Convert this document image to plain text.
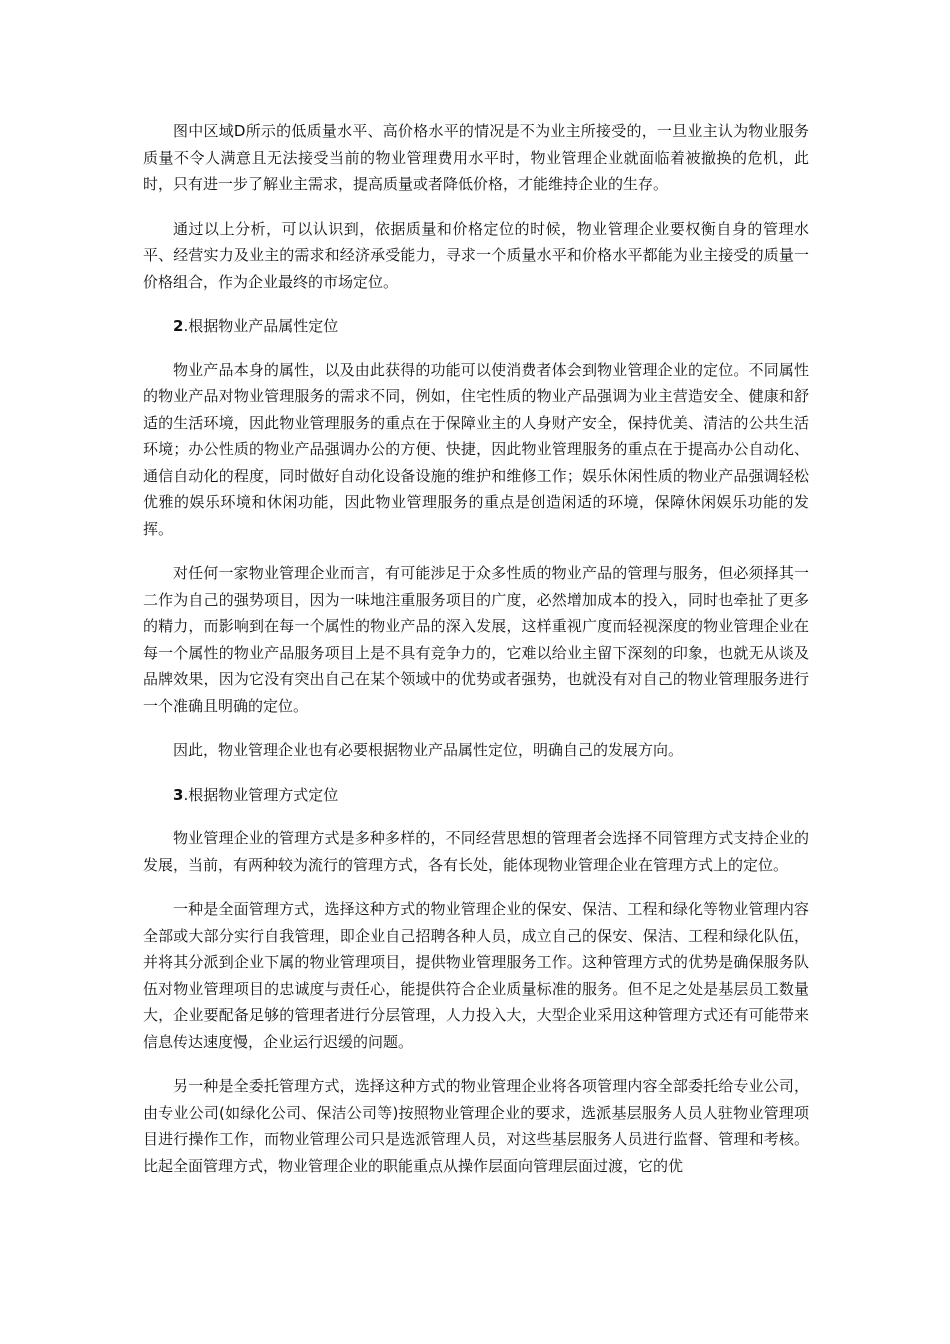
图中区域D所示的低质量水平、高价格水平的情况是不为业主所接受的，一旦业主认为物业服务质量不令人满意且无法接受当前的物业管理费用水平时，物业管理企业就面临着被撤换的危机，此时，只有进一步了解业主需求，提高质量或者降低价格，才能维持企业的生存。

通过以上分析，可以认识到，依据质量和价格定位的时候，物业管理企业要权衡自身的管理水平、经营实力及业主的需求和经济承受能力，寻求一个质量水平和价格水平都能为业主接受的质量一价格组合，作为企业最终的市场定位。

2.根据物业产品属性定位

物业产品本身的属性，以及由此获得的功能可以使消费者体会到物业管理企业的定位。不同属性的物业产品对物业管理服务的需求不同，例如，住宅性质的物业产品强调为业主营造安全、健康和舒适的生活环境，因此物业管理服务的重点在于保障业主的人身财产安全，保持优美、清洁的公共生活环境；办公性质的物业产品强调办公的方便、快捷，因此物业管理服务的重点在于提高办公自动化、通信自动化的程度，同时做好自动化设备设施的维护和维修工作；娱乐休闲性质的物业产品强调轻松优雅的娱乐环境和休闲功能，因此物业管理服务的重点是创造闲适的环境，保障休闲娱乐功能的发挥。

对任何一家物业管理企业而言，有可能涉足于众多性质的物业产品的管理与服务，但必须择其一二作为自己的强势项目，因为一味地注重服务项目的广度，必然增加成本的投入，同时也牵扯了更多的精力，而影响到在每一个属性的物业产品的深入发展，这样重视广度而轻视深度的物业管理企业在每一个属性的物业产品服务项目上是不具有竞争力的，它难以给业主留下深刻的印象，也就无从谈及品牌效果，因为它没有突出自己在某个领域中的优势或者强势，也就没有对自己的物业管理服务进行一个准确且明确的定位。

因此，物业管理企业也有必要根据物业产品属性定位，明确自己的发展方向。

3.根据物业管理方式定位

物业管理企业的管理方式是多种多样的，不同经营思想的管理者会选择不同管理方式支持企业的发展，当前，有两种较为流行的管理方式，各有长处，能体现物业管理企业在管理方式上的定位。

一种是全面管理方式，选择这种方式的物业管理企业的保安、保洁、工程和绿化等物业管理内容全部或大部分实行自我管理，即企业自己招聘各种人员，成立自己的保安、保洁、工程和绿化队伍，并将其分派到企业下属的物业管理项目，提供物业管理服务工作。这种管理方式的优势是确保服务队伍对物业管理项目的忠诚度与责任心，能提供符合企业质量标准的服务。但不足之处是基层员工数量大，企业要配备足够的管理者进行分层管理，人力投入大，大型企业采用这种管理方式还有可能带来信息传达速度慢，企业运行迟缓的问题。

另一种是全委托管理方式，选择这种方式的物业管理企业将各项管理内容全部委托给专业公司，由专业公司(如绿化公司、保洁公司等)按照物业管理企业的要求，选派基层服务人员人驻物业管理项目进行操作工作，而物业管理公司只是选派管理人员，对这些基层服务人员进行监督、管理和考核。比起全面管理方式，物业管理企业的职能重点从操作层面向管理层面过渡，它的优
